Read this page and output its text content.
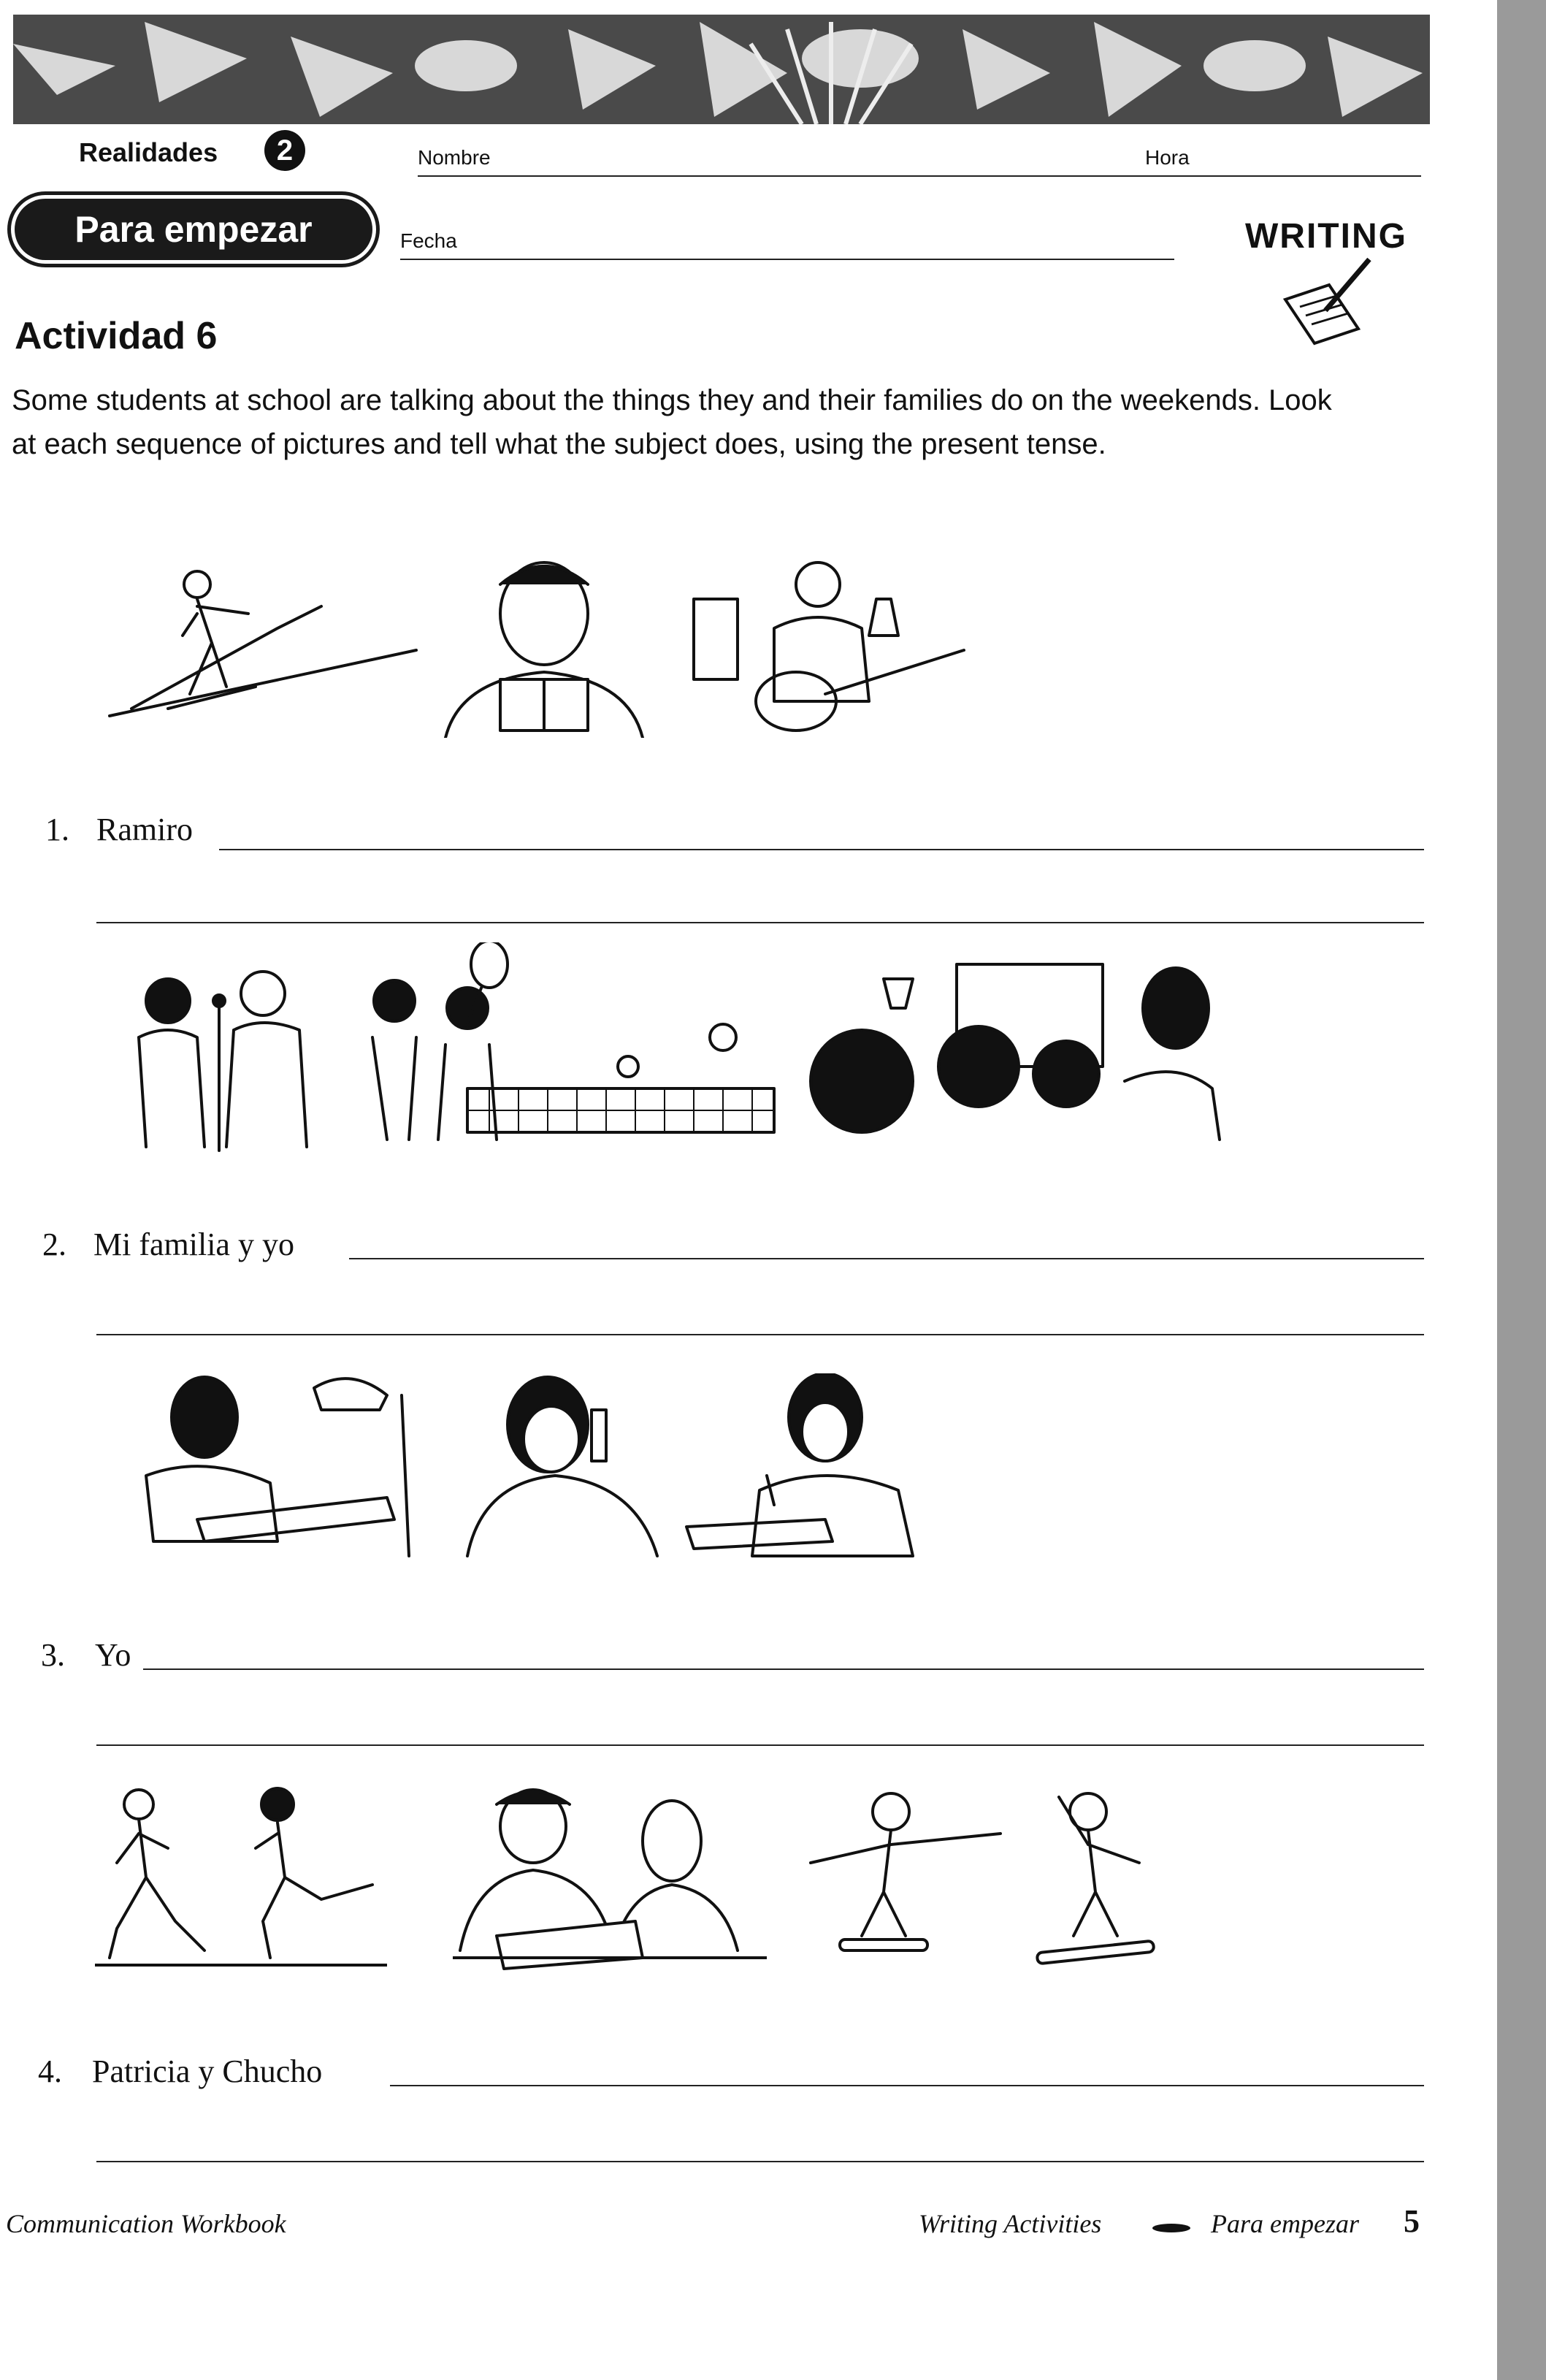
Realidades	2	Nombre	Hora
Para empezar	Fecha	WRITING
Actividad 6
Some students at school are talking about the things they and their families do on the weekends. Look at each sequence of pictures and tell what the subject does, using the present tense.
1. Ramiro
2. Mi familia y yo
3. Yo
4. Patricia y Chucho
Communication Workbook	Writing Activities	Para empezar 5
